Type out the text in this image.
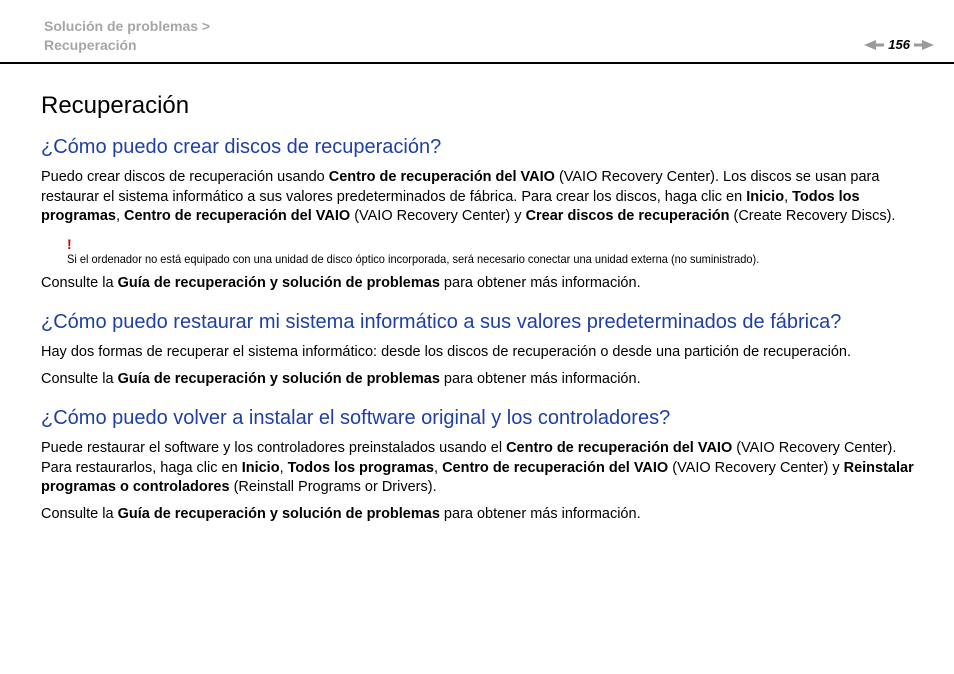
Solución de problemas >
Recuperación	156
Recuperación
¿Cómo puedo crear discos de recuperación?

Puedo crear discos de recuperación usando Centro de recuperación del VAIO (VAIO Recovery Center). Los discos se usan para restaurar el sistema informático a sus valores predeterminados de fábrica. Para crear los discos, haga clic en Inicio, Todos los programas, Centro de recuperación del VAIO (VAIO Recovery Center) y Crear discos de recuperación (Create Recovery Discs).

!
Si el ordenador no está equipado con una unidad de disco óptico incorporada, será necesario conectar una unidad externa (no suministrado).

Consulte la Guía de recuperación y solución de problemas para obtener más información.

¿Cómo puedo restaurar mi sistema informático a sus valores predeterminados de fábrica?

Hay dos formas de recuperar el sistema informático: desde los discos de recuperación o desde una partición de recuperación.

Consulte la Guía de recuperación y solución de problemas para obtener más información.

¿Cómo puedo volver a instalar el software original y los controladores?

Puede restaurar el software y los controladores preinstalados usando el Centro de recuperación del VAIO (VAIO Recovery Center). Para restaurarlos, haga clic en Inicio, Todos los programas, Centro de recuperación del VAIO (VAIO Recovery Center) y Reinstalar programas o controladores (Reinstall Programs or Drivers).

Consulte la Guía de recuperación y solución de problemas para obtener más información.
